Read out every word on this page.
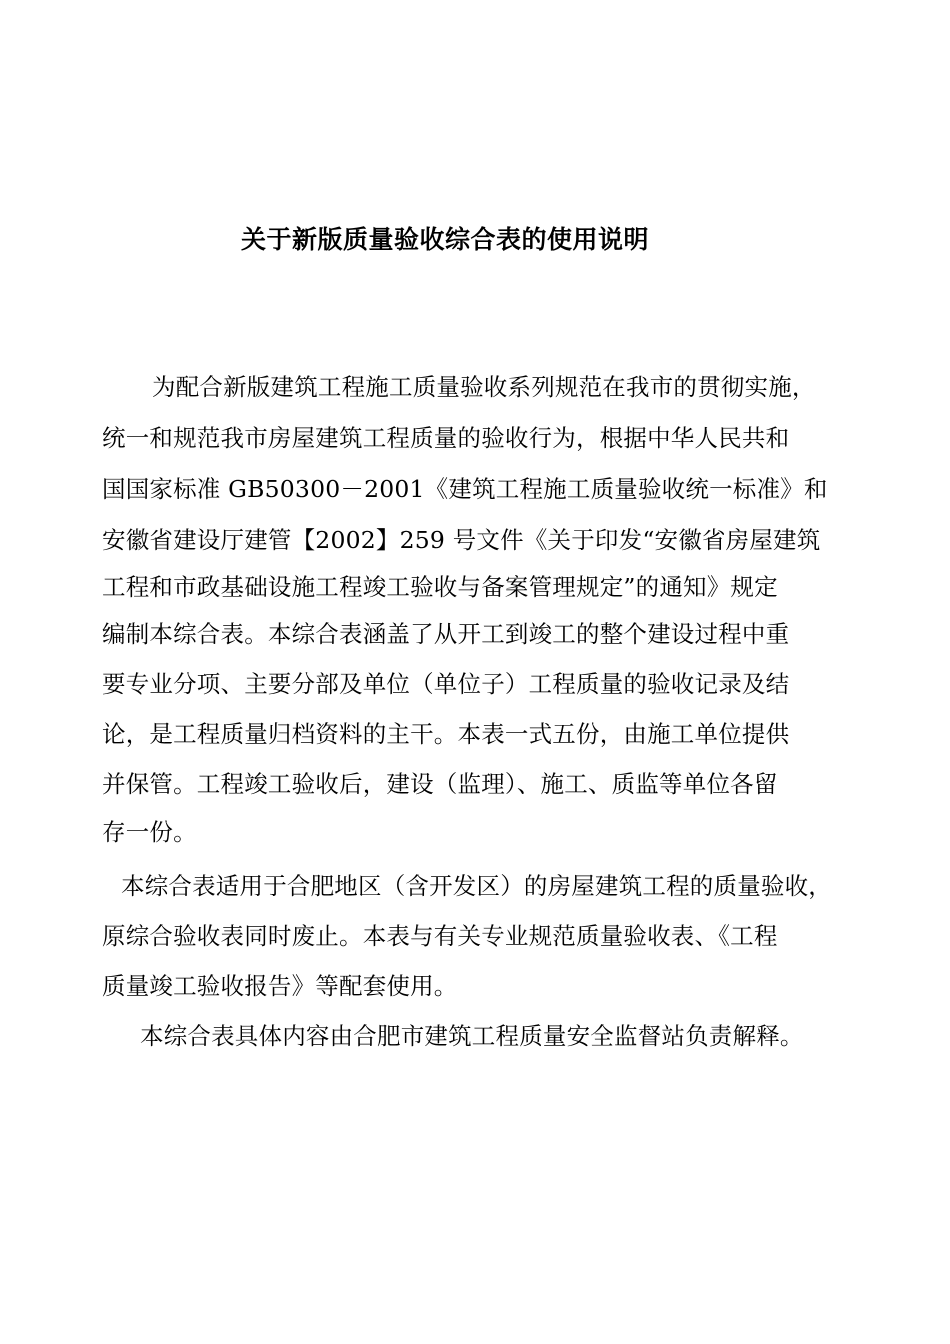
关于新版质量验收综合表的使用说明
为配合新版建筑工程施工质量验收系列规范在我市的贯彻实施，
统一和规范我市房屋建筑工程质量的验收行为，根据中华人民共和
国国家标准 GB50300－2001《建筑工程施工质量验收统一标准》和
安徽省建设厅建管【2002】259 号文件《关于印发“安徽省房屋建筑
工程和市政基础设施工程竣工验收与备案管理规定”的通知》规定
编制本综合表。本综合表涵盖了从开工到竣工的整个建设过程中重
要专业分项、主要分部及单位（单位子）工程质量的验收记录及结
论，是工程质量归档资料的主干。本表一式五份，由施工单位提供
并保管。工程竣工验收后，建设（监理）、施工、质监等单位各留
存一份。
本综合表适用于合肥地区（含开发区）的房屋建筑工程的质量验收，
原综合验收表同时废止。本表与有关专业规范质量验收表、《工程
质量竣工验收报告》等配套使用。
本综合表具体内容由合肥市建筑工程质量安全监督站负责解释。
